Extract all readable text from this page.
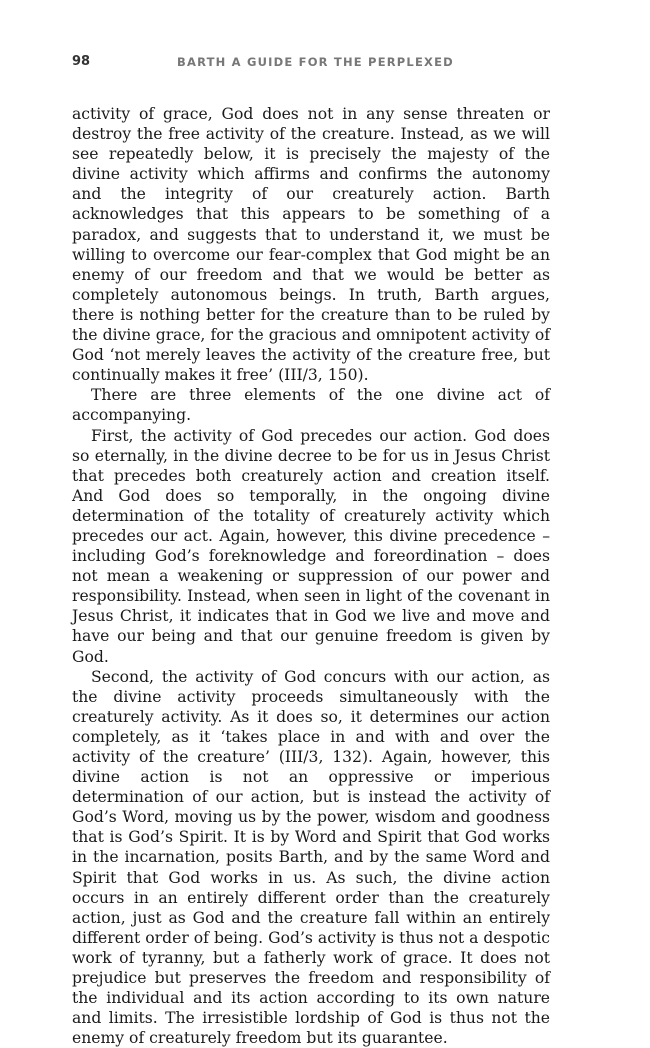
98	BARTH A GUIDE FOR THE PERPLEXED

activity of grace, God does not in any sense threaten or destroy the free activity of the creature. Instead, as we will see repeatedly below, it is precisely the majesty of the divine activity which affirms and confirms the autonomy and the integrity of our creaturely action. Barth acknowledges that this appears to be something of a paradox, and suggests that to understand it, we must be willing to overcome our fear-complex that God might be an enemy of our freedom and that we would be better as completely autonomous beings. In truth, Barth argues, there is nothing better for the creature than to be ruled by the divine grace, for the gracious and omnipotent activity of God ‘not merely leaves the activity of the creature free, but continually makes it free’ (III/3, 150).

There are three elements of the one divine act of accompanying.

First, the activity of God precedes our action. God does so eternally, in the divine decree to be for us in Jesus Christ that precedes both creaturely action and creation itself. And God does so temporally, in the ongoing divine determination of the totality of creaturely activity which precedes our act. Again, however, this divine precedence – including God’s foreknowledge and foreordination – does not mean a weakening or suppression of our power and responsibility. Instead, when seen in light of the covenant in Jesus Christ, it indicates that in God we live and move and have our being and that our genuine freedom is given by God.

Second, the activity of God concurs with our action, as the divine activity proceeds simultaneously with the creaturely activity. As it does so, it determines our action completely, as it ‘takes place in and with and over the activity of the creature’ (III/3, 132). Again, however, this divine action is not an oppressive or imperious determination of our action, but is instead the activity of God’s Word, moving us by the power, wisdom and goodness that is God’s Spirit. It is by Word and Spirit that God works in the incarnation, posits Barth, and by the same Word and Spirit that God works in us. As such, the divine action occurs in an entirely different order than the creaturely action, just as God and the creature fall within an entirely different order of being. God’s activity is thus not a despotic work of tyranny, but a fatherly work of grace. It does not prejudice but preserves the freedom and responsibility of the individual and its action according to its own nature and limits. The irresistible lordship of God is thus not the enemy of creaturely freedom but its guarantee.
